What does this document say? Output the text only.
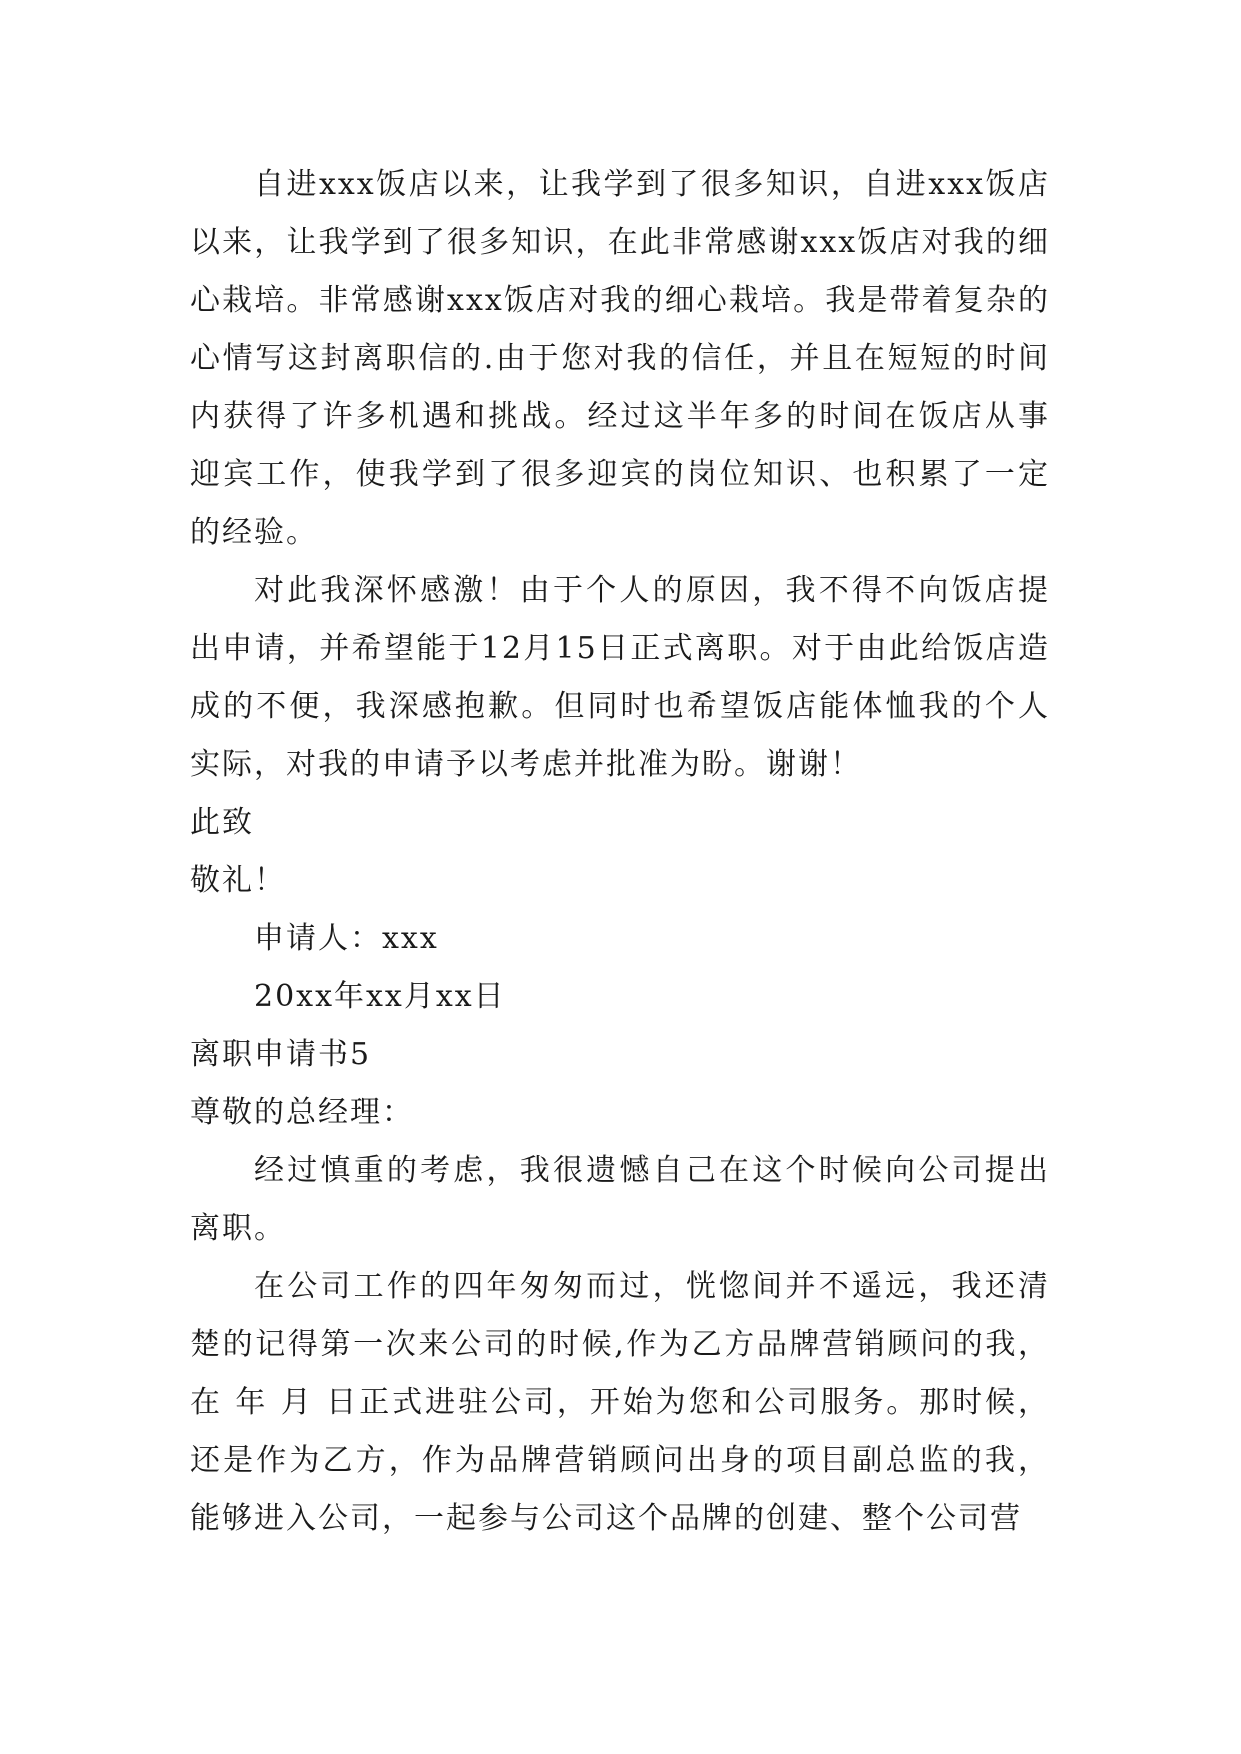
自进xxx饭店以来，让我学到了很多知识，自进xxx饭店以来，让我学到了很多知识，在此非常感谢xxx饭店对我的细心栽培。非常感谢xxx饭店对我的细心栽培。我是带着复杂的心情写这封离职信的.由于您对我的信任，并且在短短的时间内获得了许多机遇和挑战。经过这半年多的时间在饭店从事迎宾工作，使我学到了很多迎宾的岗位知识、也积累了一定的经验。

对此我深怀感激！由于个人的原因，我不得不向饭店提出申请，并希望能于12月15日正式离职。对于由此给饭店造成的不便，我深感抱歉。但同时也希望饭店能体恤我的个人实际，对我的申请予以考虑并批准为盼。谢谢！

此致

敬礼！

申请人：xxx

20xx年xx月xx日

离职申请书5

尊敬的总经理：

经过慎重的考虑，我很遗憾自己在这个时候向公司提出离职。

在公司工作的四年匆匆而过，恍惚间并不遥远，我还清楚的记得第一次来公司的时候,作为乙方品牌营销顾问的我，在 年 月 日正式进驻公司，开始为您和公司服务。那时候，还是作为乙方，作为品牌营销顾问出身的项目副总监的我，能够进入公司，一起参与公司这个品牌的创建、整个公司营
